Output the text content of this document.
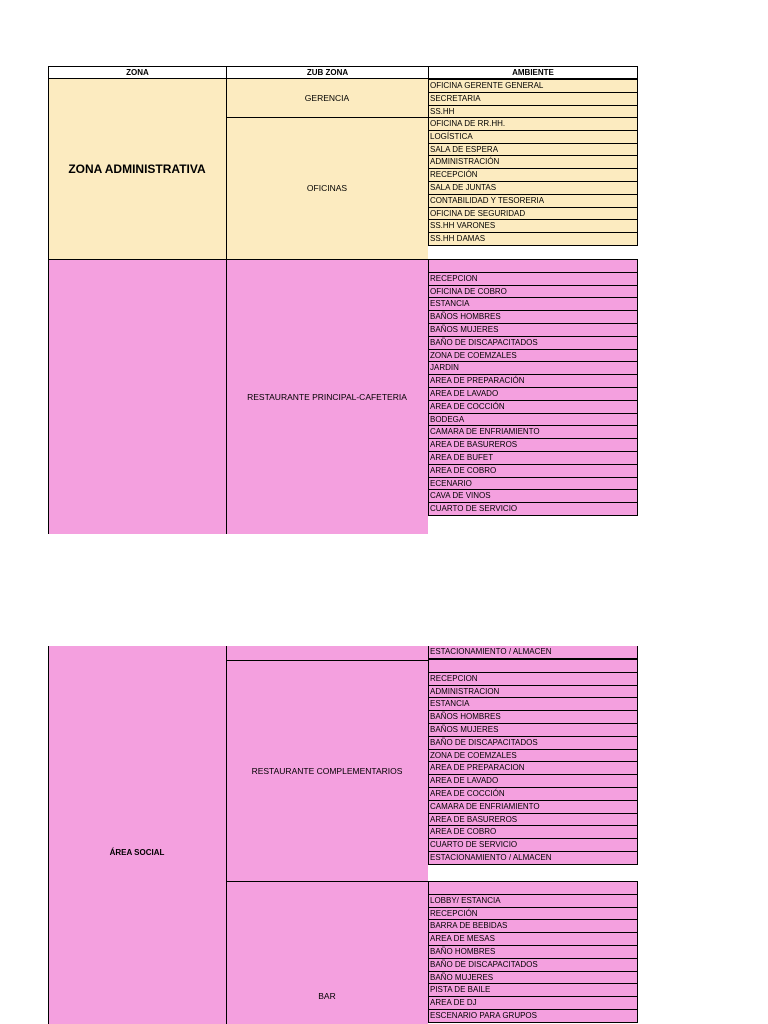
ZONA	ZUB ZONA	AMBIENTE
ZONA ADMINISTRATIVA
GERENCIA
OFICINAS
RESTAURANTE PRINCIPAL-CAFETERIA
OFICINA GERENTE GENERAL
SECRETARIA
SS.HH
OFICINA DE RR.HH.
LOGÍSTICA
SALA DE ESPERA
ADMINISTRACIÓN
RECEPCIÓN
SALA DE JUNTAS
CONTABILIDAD Y TESORERIA
OFICINA DE SEGURIDAD
SS.HH VARONES
SS.HH DAMAS
RECEPCION
OFICINA DE COBRO
ESTANCIA
BAÑOS HOMBRES
BAÑOS MUJERES
BAÑO DE DISCAPACITADOS
ZONA DE COEMZALES
JARDIN
AREA DE PREPARACIÓN
AREA DE LAVADO
AREA DE COCCIÓN
BODEGA
CAMARA DE ENFRIAMIENTO
AREA DE BASUREROS
AREA DE BUFET
AREA DE COBRO
ECENARIO
CAVA DE VINOS
CUARTO DE SERVICIO
ÁREA SOCIAL
RESTAURANTE COMPLEMENTARIOS
BAR
ESTACIONAMIENTO / ALMACEN
RECEPCION
ADMINISTRACION
ESTANCIA
BAÑOS HOMBRES
BAÑOS MUJERES
BAÑO DE DISCAPACITADOS
ZONA DE COEMZALES
AREA DE PREPARACION
AREA DE LAVADO
AREA DE COCCIÓN
CAMARA DE ENFRIAMIENTO
AREA DE BASUREROS
AREA DE COBRO
CUARTO DE SERVICIO
ESTACIONAMIENTO / ALMACEN
LOBBY/ ESTANCIA
RECEPCIÓN
BARRA DE BEBIDAS
AREA DE MESAS
BAÑO HOMBRES
BAÑO DE DISCAPACITADOS
BAÑO MUJERES
PISTA DE BAILE
AREA DE DJ
ESCENARIO PARA GRUPOS
